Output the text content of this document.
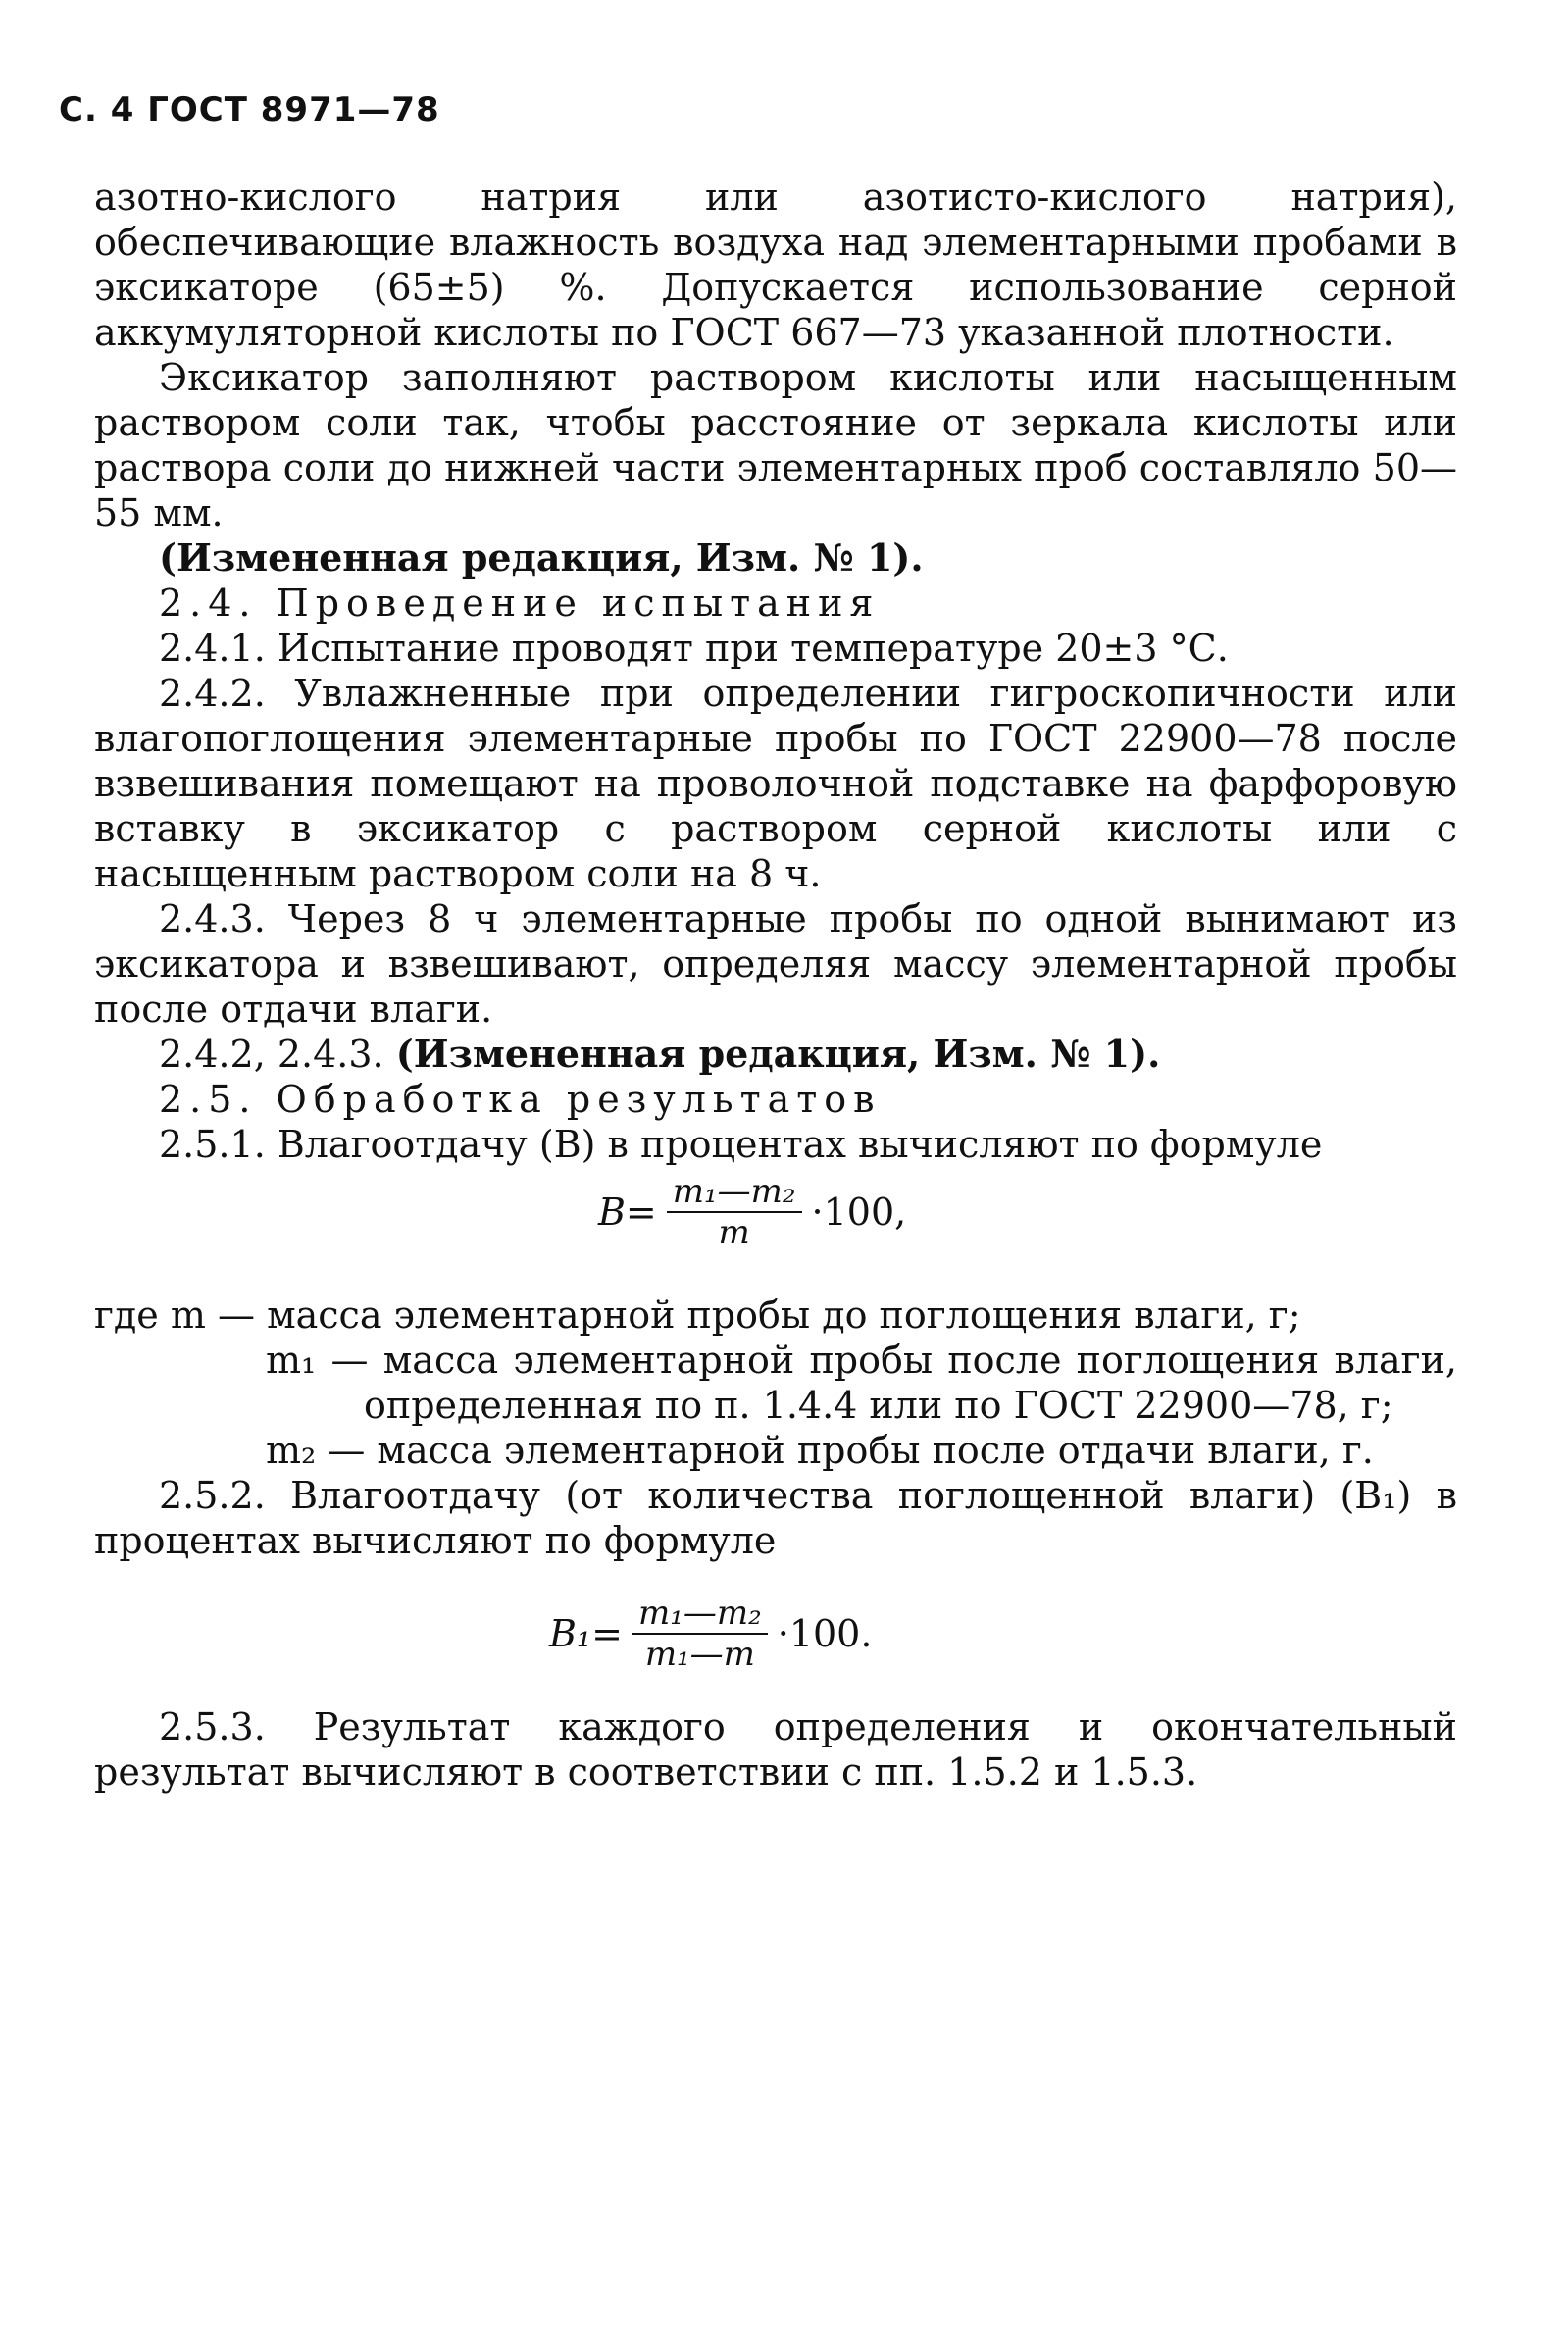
С. 4 ГОСТ 8971—78

азотно-кислого натрия или азотисто-кислого натрия), обеспечивающие влажность воздуха над элементарными пробами в эксикаторе (65±5) %. Допускается использование серной аккумуляторной кислоты по ГОСТ 667—73 указанной плотности.

Эксикатор заполняют раствором кислоты или насыщенным раствором соли так, чтобы расстояние от зеркала кислоты или раствора соли до нижней части элементарных проб составляло 50—55 мм.

(Измененная редакция, Изм. № 1).

2.4. Проведение испытания

2.4.1. Испытание проводят при температуре 20±3 °С.

2.4.2. Увлажненные при определении гигроскопичности или влагопоглощения элементарные пробы по ГОСТ 22900—78 после взвешивания помещают на проволочной подставке на фарфоровую вставку в эксикатор с раствором серной кислоты или с насыщенным раствором соли на 8 ч.

2.4.3. Через 8 ч элементарные пробы по одной вынимают из эксикатора и взвешивают, определяя массу элементарной пробы после отдачи влаги.

2.4.2, 2.4.3. (Измененная редакция, Изм. № 1).

2.5. Обработка результатов

2.5.1. Влагоотдачу (В) в процентах вычисляют по формуле

$B= \frac{\text{m₁—m₂}}{m} \cdot 100$,

где m — масса элементарной пробы до поглощения влаги, г;

m₁ — масса элементарной пробы после поглощения влаги, определенная по п. 1.4.4 или по ГОСТ 22900—78, г;

m₂ — масса элементарной пробы после отдачи влаги, г.

2.5.2. Влагоотдачу (от количества поглощенной влаги) (В₁) в процентах вычисляют по формуле

$B_1= \frac{\text{m₁—m₂}}{\text{m₁—m}} \cdot 100$.

2.5.3. Результат каждого определения и окончательный результат вычисляют в соответствии с пп. 1.5.2 и 1.5.3.
